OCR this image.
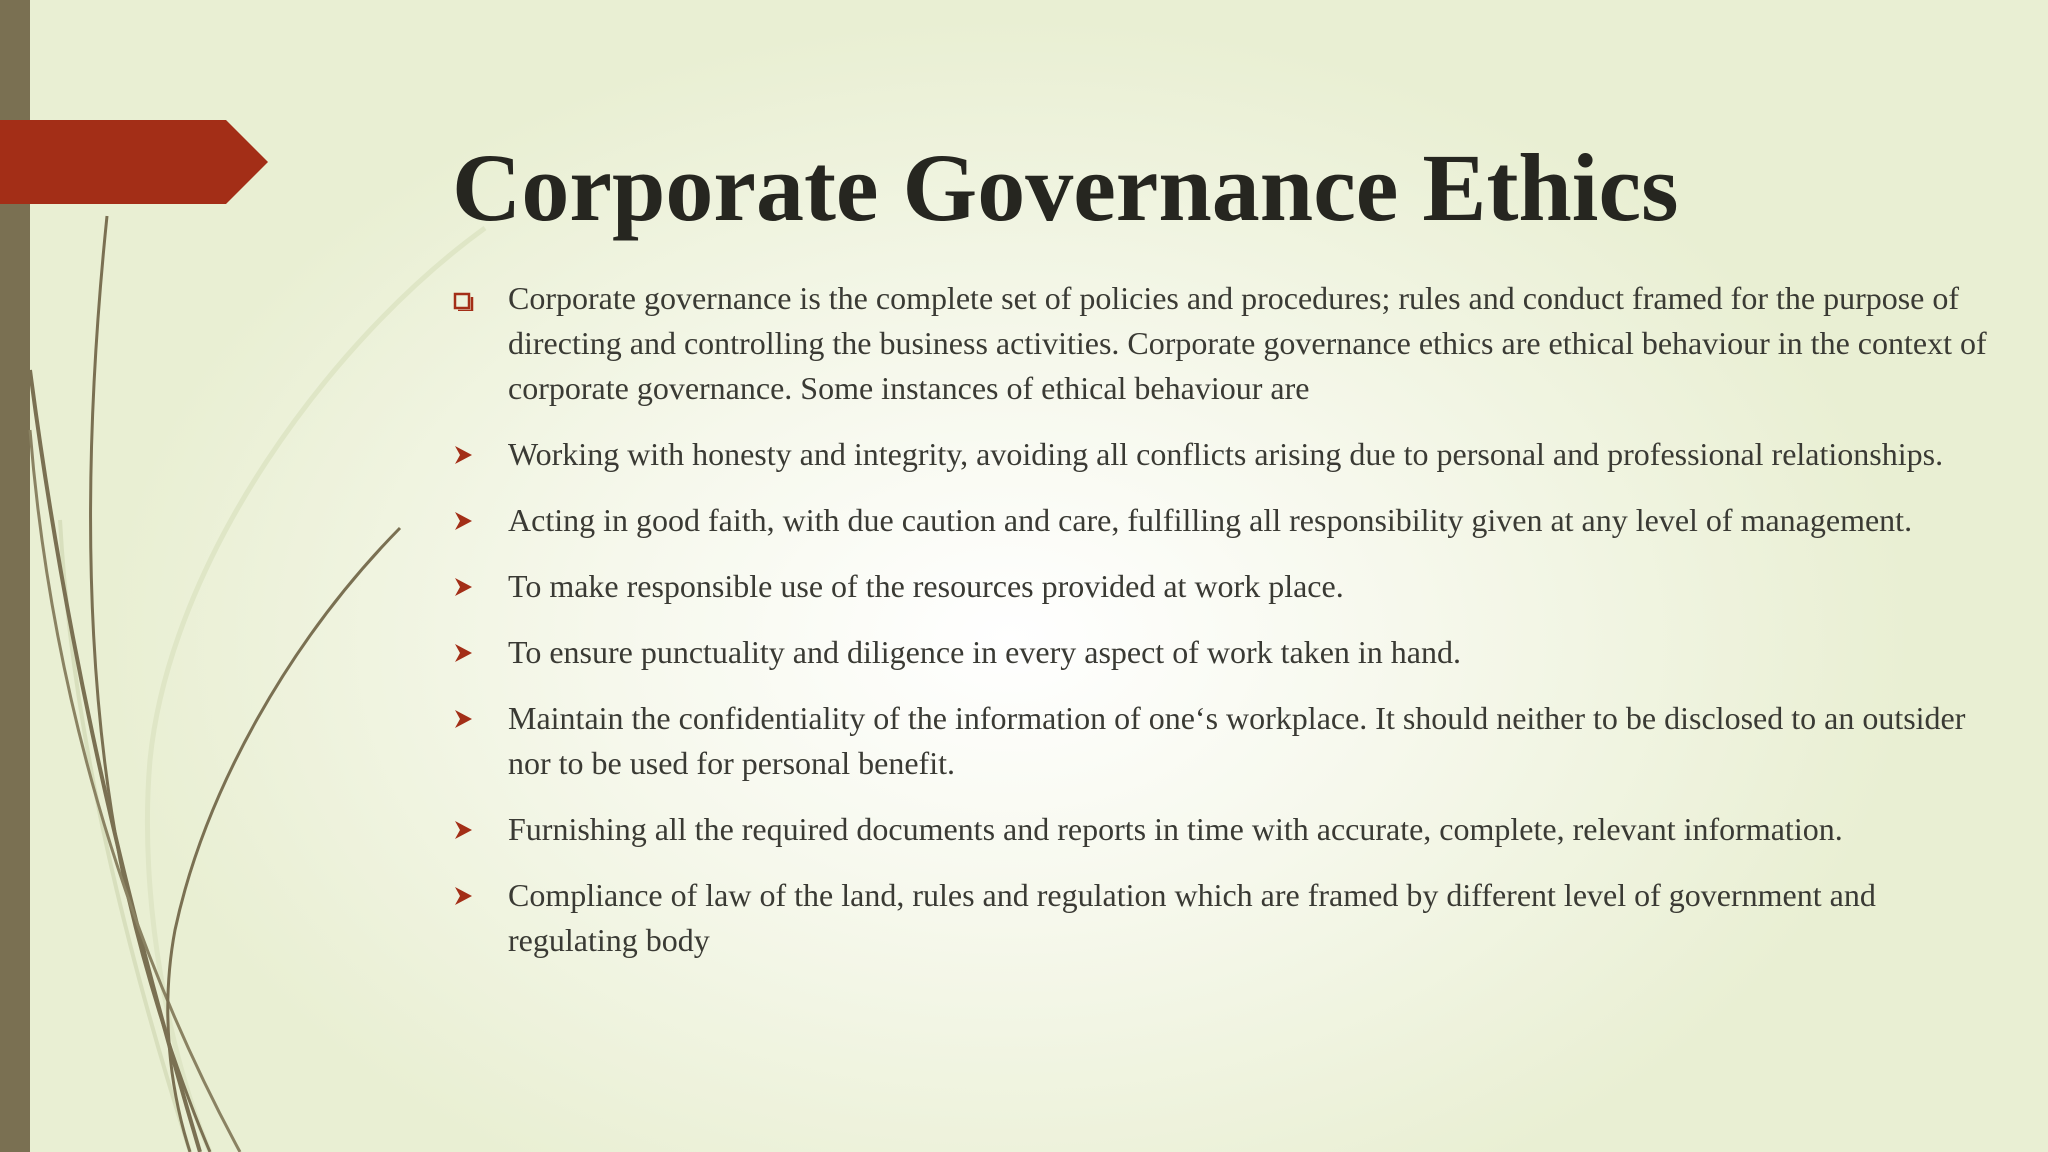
Corporate Governance Ethics
Corporate governance is the complete set of policies and procedures; rules and conduct framed for the purpose of directing and controlling the business activities. Corporate governance ethics are ethical behaviour in the context of corporate governance. Some instances of ethical behaviour are
Working with honesty and integrity, avoiding all conflicts arising due to personal and professional relationships.
Acting in good faith, with due caution and care, fulfilling all responsibility given at any level of management.
To make responsible use of the resources provided at work place.
To ensure punctuality and diligence in every aspect of work taken in hand.
Maintain the confidentiality of the information of one‘s workplace. It should neither to be disclosed to an outsider nor to be used for personal benefit.
Furnishing all the required documents and reports in time with accurate, complete, relevant information.
Compliance of law of the land, rules and regulation which are framed by different level of government and regulating body
